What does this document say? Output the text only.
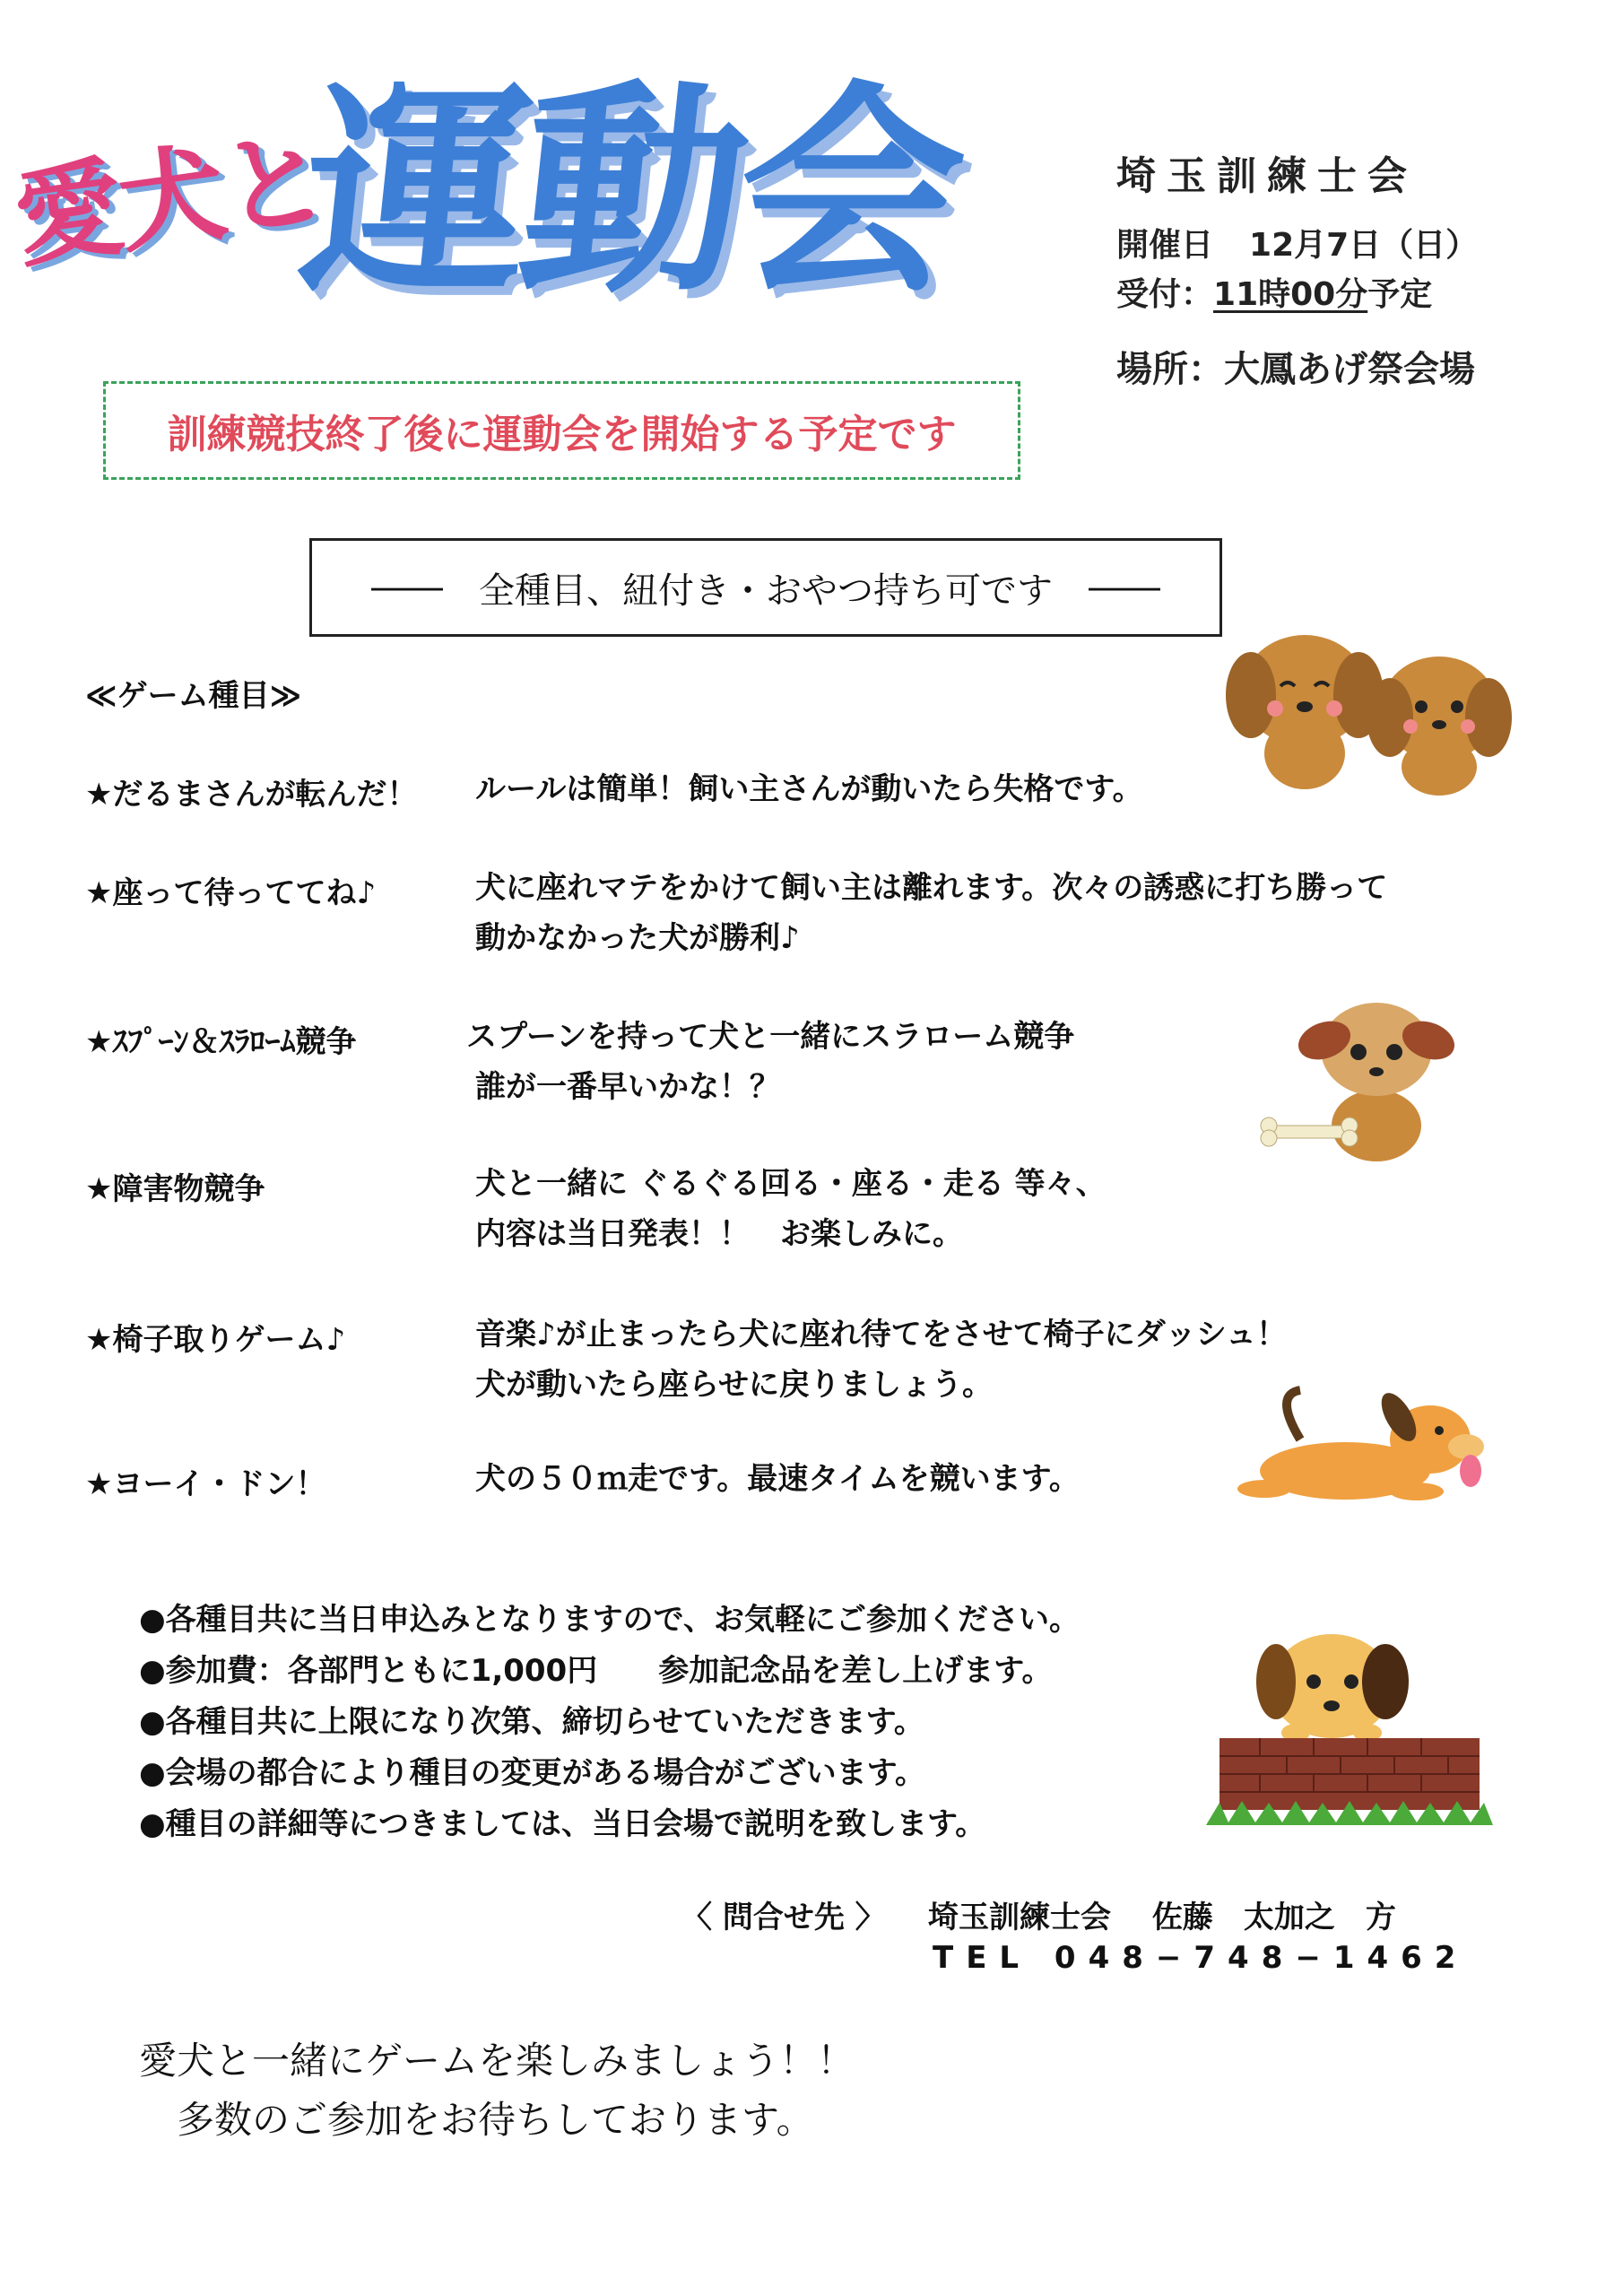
愛犬と
運動会	埼玉訓練士会
開催日 12月7日（日）
受付：11時00分予定
場所：大鳳あげ祭会場
訓練競技終了後に運動会を開始する予定です
―― 全種目、紐付き・おやつ持ち可です ――
≪ゲーム種目≫
★だるまさんが転んだ！ ルールは簡単！飼い主さんが動いたら失格です。
★座って待っててね♪	犬に座れマテをかけて飼い主は離れます。次々の誘惑に打ち勝って
動かなかった犬が勝利♪
★ｽﾌﾟｰﾝ＆ｽﾗﾛｰﾑ競争	スプーンを持って犬と一緒にスラローム競争
誰が一番早いかな！？
★障害物競争	犬と一緒に ぐるぐる回る・座る・走る 等々、
内容は当日発表！！　お楽しみに。
★椅子取りゲーム♪	音楽♪が止まったら犬に座れ待てをさせて椅子にダッシュ！
犬が動いたら座らせに戻りましょう。
★ヨーイ・ドン！	犬の５０ｍ走です。最速タイムを競います。
●各種目共に当日申込みとなりますので、お気軽にご参加ください。
●参加費：各部門ともに1,000円　　参加記念品を差し上げます。
●各種目共に上限になり次第、締切らせていただきます。
●会場の都合により種目の変更がある場合がございます。
●種目の詳細等につきましては、当日会場で説明を致します。
〈 問合せ先 〉 埼玉訓練士会　 佐藤　太加之　方
TEL 048−748−1462
愛犬と一緒にゲームを楽しみましょう！！
　多数のご参加をお待ちしております。
